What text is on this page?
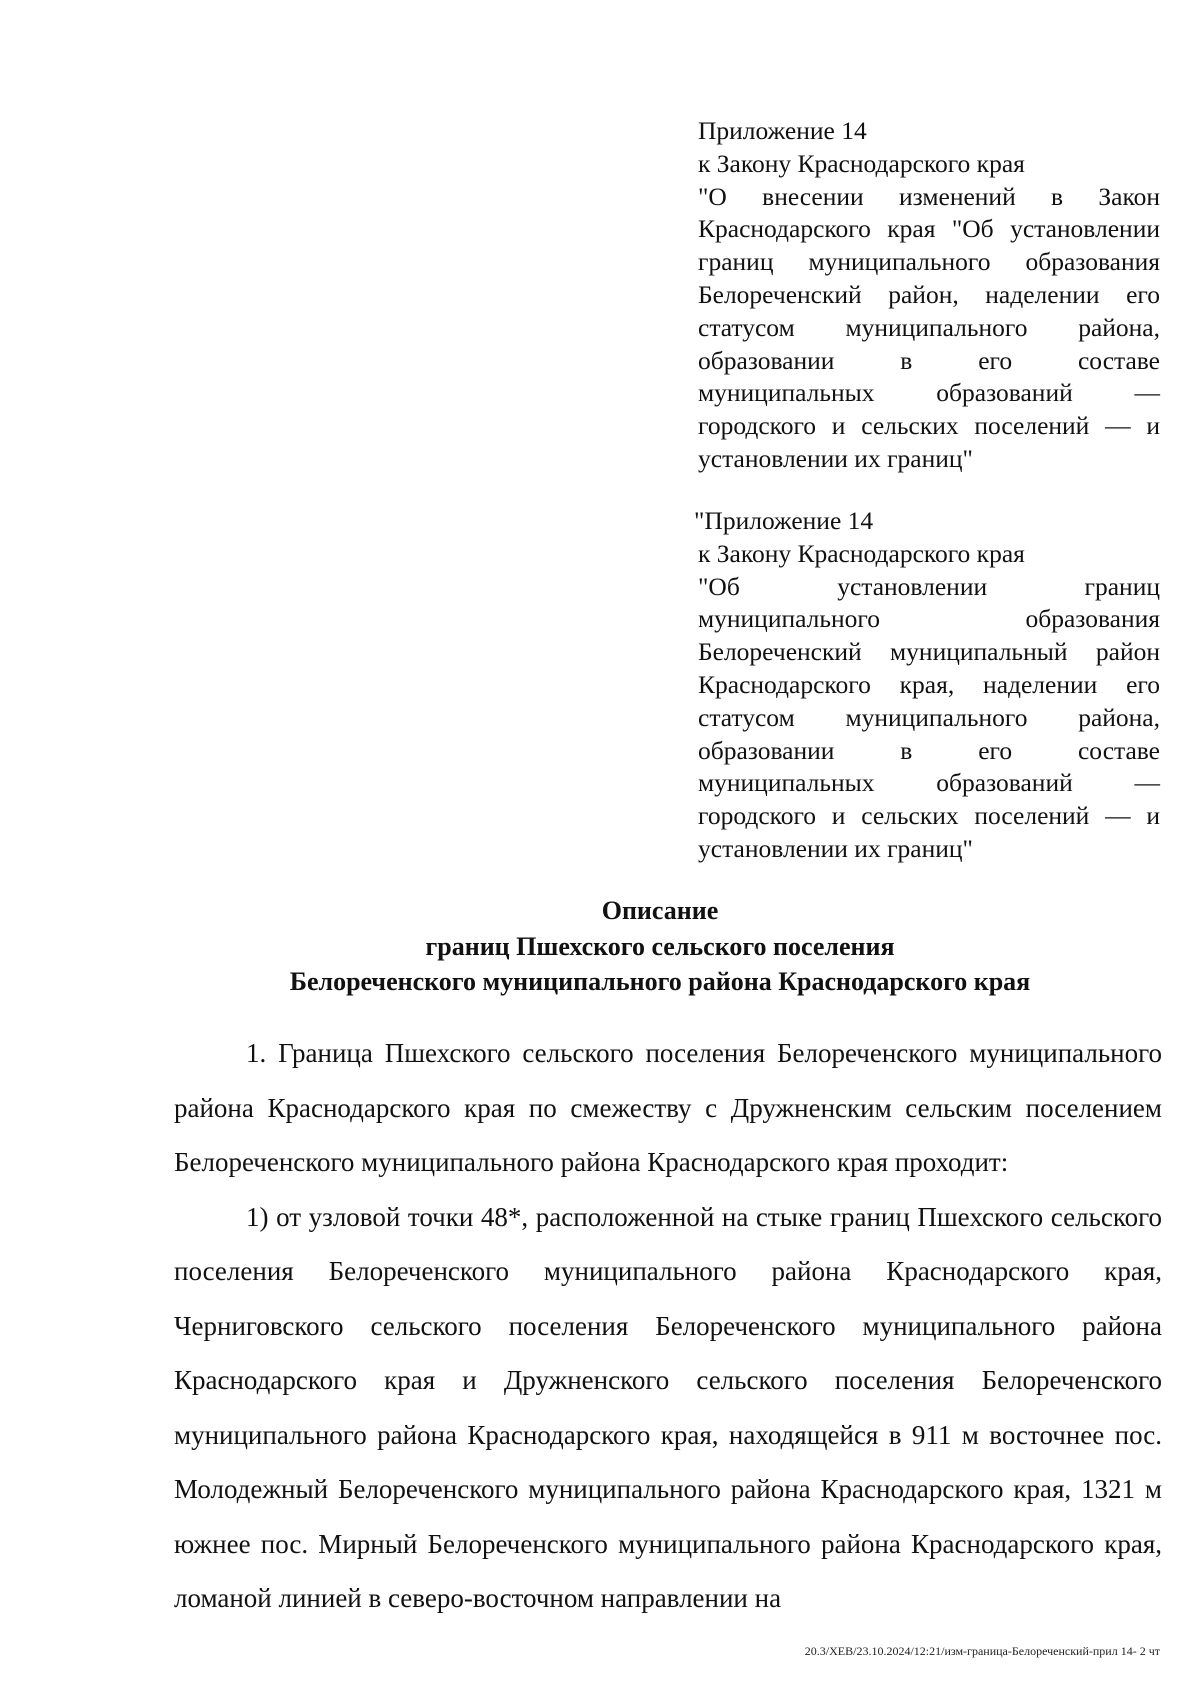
Приложение 14
к Закону Краснодарского края
"О внесении изменений в Закон Краснодарского края "Об установлении границ муниципального образования Белореченский район, наделении его статусом муниципального района, образовании в его составе муниципальных образований — городского и сельских поселений — и установлении их границ"
"Приложение 14
к Закону Краснодарского края
"Об установлении границ муниципального образования Белореченский муниципальный район Краснодарского края, наделении его статусом муниципального района, образовании в его составе муниципальных образований — городского и сельских поселений — и установлении их границ"
Описание
границ Пшехского сельского поселения
Белореченского муниципального района Краснодарского края

1. Граница Пшехского сельского поселения Белореченского муниципального района Краснодарского края по смежеству с Дружненским сельским поселением Белореченского муниципального района Краснодарского края проходит:

1) от узловой точки 48*, расположенной на стыке границ Пшехского сельского поселения Белореченского муниципального района Краснодарского края, Черниговского сельского поселения Белореченского муниципального района Краснодарского края и Дружненского сельского поселения Белореченского муниципального района Краснодарского края, находящейся в 911 м восточнее пос. Молодежный Белореченского муниципального района Краснодарского края, 1321 м южнее пос. Мирный Белореченского муниципального района Краснодарского края, ломаной линией в северо-восточном направлении на

20.3/ХЕВ/23.10.2024/12:21/изм-граница-Белореченский-прил 14- 2 чт
